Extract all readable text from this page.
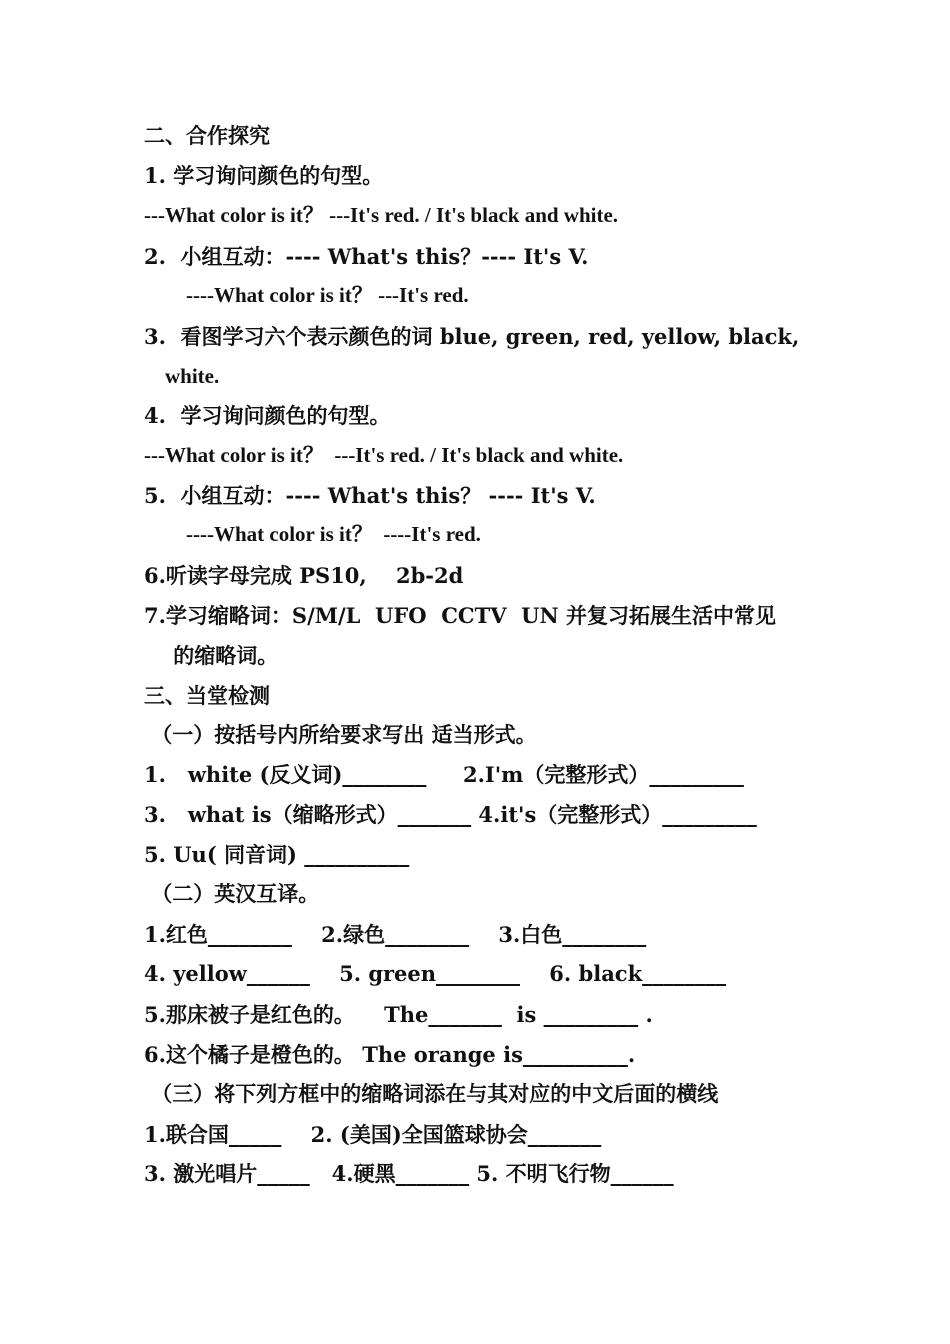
二、合作探究
1. 学习询问颜色的句型。
---What color is it？ ---It's red. / It's black and white.
2.  小组互动：---- What's this？---- It's V.
----What color is it？ ---It's red.
3.  看图学习六个表示颜色的词 blue, green, red, yellow, black,
white.
4.  学习询问颜色的句型。
---What color is it？  ---It's red. / It's black and white.
5.  小组互动：---- What's this？ ---- It's V.
----What color is it？  ----It's red.
6.听读字母完成 PS10,    2b-2d
7.学习缩略词：S/M/L  UFO  CCTV  UN 并复习拓展生活中常见
的缩略词。
三、当堂检测
（一）按括号内所给要求写出 适当形式。
1.   white (反义词)________     2.I'm（完整形式）_________
3.   what is（缩略形式）_______ 4.it's（完整形式）_________
5. Uu( 同音词) __________
（二）英汉互译。
1.红色________    2.绿色________    3.白色________
4. yellow______    5. green________    6. black________
5.那床被子是红色的。    The_______  is _________ .
6.这个橘子是橙色的。 The orange is__________.
（三）将下列方框中的缩略词添在与其对应的中文后面的横线
1.联合国_____    2. (美国)全国篮球协会_______
3. 激光唱片_____   4.硬黑_______ 5. 不明飞行物______
